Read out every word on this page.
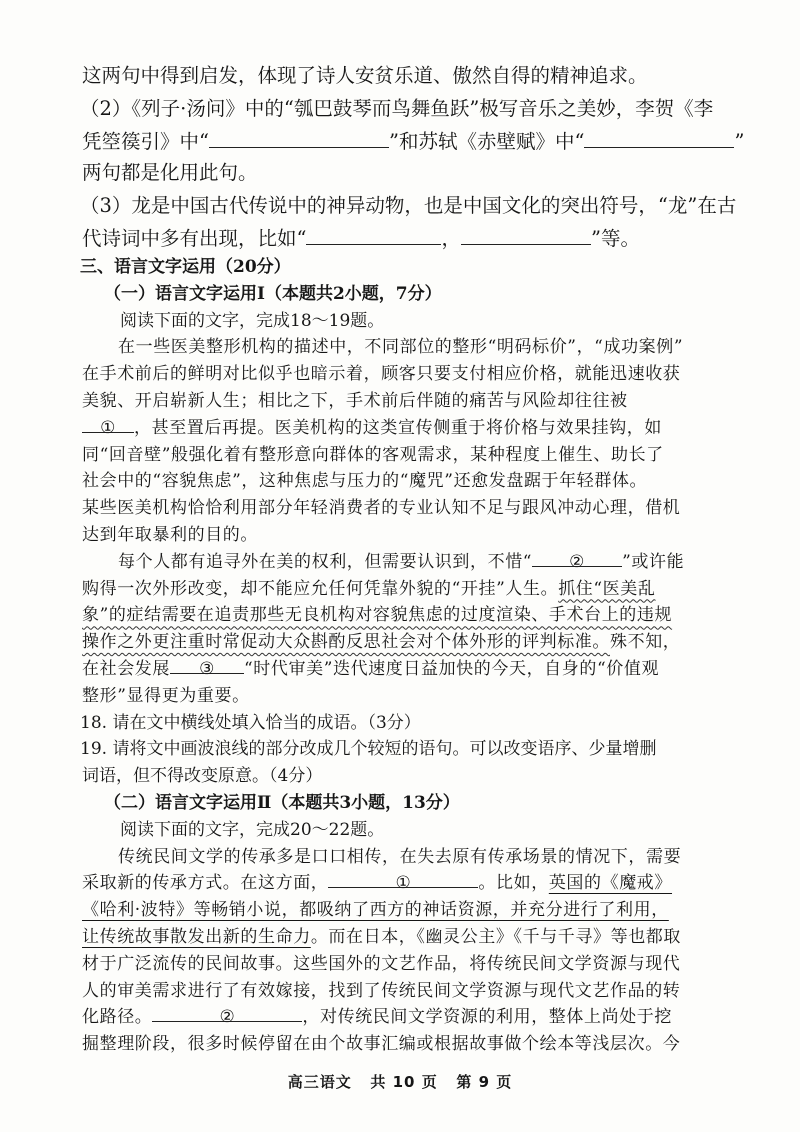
这两句中得到启发，体现了诗人安贫乐道、傲然自得的精神追求。
（2）《列子·汤问》中的“瓠巴鼓琴而鸟舞鱼跃”极写音乐之美妙，李贺《李
凭箜篌引》中“	”和苏轼《赤壁赋》中“	”
两句都是化用此句。
（3）龙是中国古代传说中的神异动物，也是中国文化的突出符号，“龙”在古
代诗词中多有出现，比如“	，	”等。
三、语言文字运用（20分）
（一）语言文字运用Ⅰ（本题共2小题，7分）
阅读下面的文字，完成18～19题。
在一些医美整形机构的描述中，不同部位的整形“明码标价”，“成功案例”
在手术前后的鲜明对比似乎也暗示着，顾客只要支付相应价格，就能迅速收获
美貌、开启崭新人生；相比之下，手术前后伴随的痛苦与风险却往往被
① ，甚至置后再提。医美机构的这类宣传侧重于将价格与效果挂钩，如
同“回音壁”般强化着有整形意向群体的客观需求，某种程度上催生、助长了
社会中的“容貌焦虑”，这种焦虑与压力的“魔咒”还愈发盘踞于年轻群体。
某些医美机构恰恰利用部分年轻消费者的专业认知不足与跟风冲动心理，借机
达到年取暴利的目的。
每个人都有追寻外在美的权利，但需要认识到，不惜“ ② ”或许能
购得一次外形改变，却不能应允任何凭靠外貌的“开挂”人生。抓住“医美乱
象”的症结需要在追责那些无良机构对容貌焦虑的过度渲染、手术台上的违规
操作之外更注重时常促动大众斟酌反思社会对个体外形的评判标准。殊不知，
在社会发展 ③ “时代审美”迭代速度日益加快的今天，自身的“价值观
整形”显得更为重要。
18. 请在文中横线处填入恰当的成语。（3分）
19. 请将文中画波浪线的部分改成几个较短的语句。可以改变语序、少量增删
词语，但不得改变原意。（4分）
（二）语言文字运用Ⅱ（本题共3小题，13分）
阅读下面的文字，完成20～22题。
传统民间文学的传承多是口口相传，在失去原有传承场景的情况下，需要
采取新的传承方式。在这方面，	①	。比如，英国的《魔戒》
高三语文 共 10 页 第 9 页
《哈利·波特》等畅销小说，都吸纳了西方的神话资源，并充分进行了利用，
让传统故事散发出新的生命力。而在日本，《幽灵公主》《千与千寻》等也都取
材于广泛流传的民间故事。这些国外的文艺作品，将传统民间文学资源与现代
人的审美需求进行了有效嫁接，找到了传统民间文学资源与现代文艺作品的转
化路径。	②	，对传统民间文学资源的利用，整体上尚处于挖
掘整理阶段，很多时候停留在由个故事汇编或根据故事做个绘本等浅层次。今
